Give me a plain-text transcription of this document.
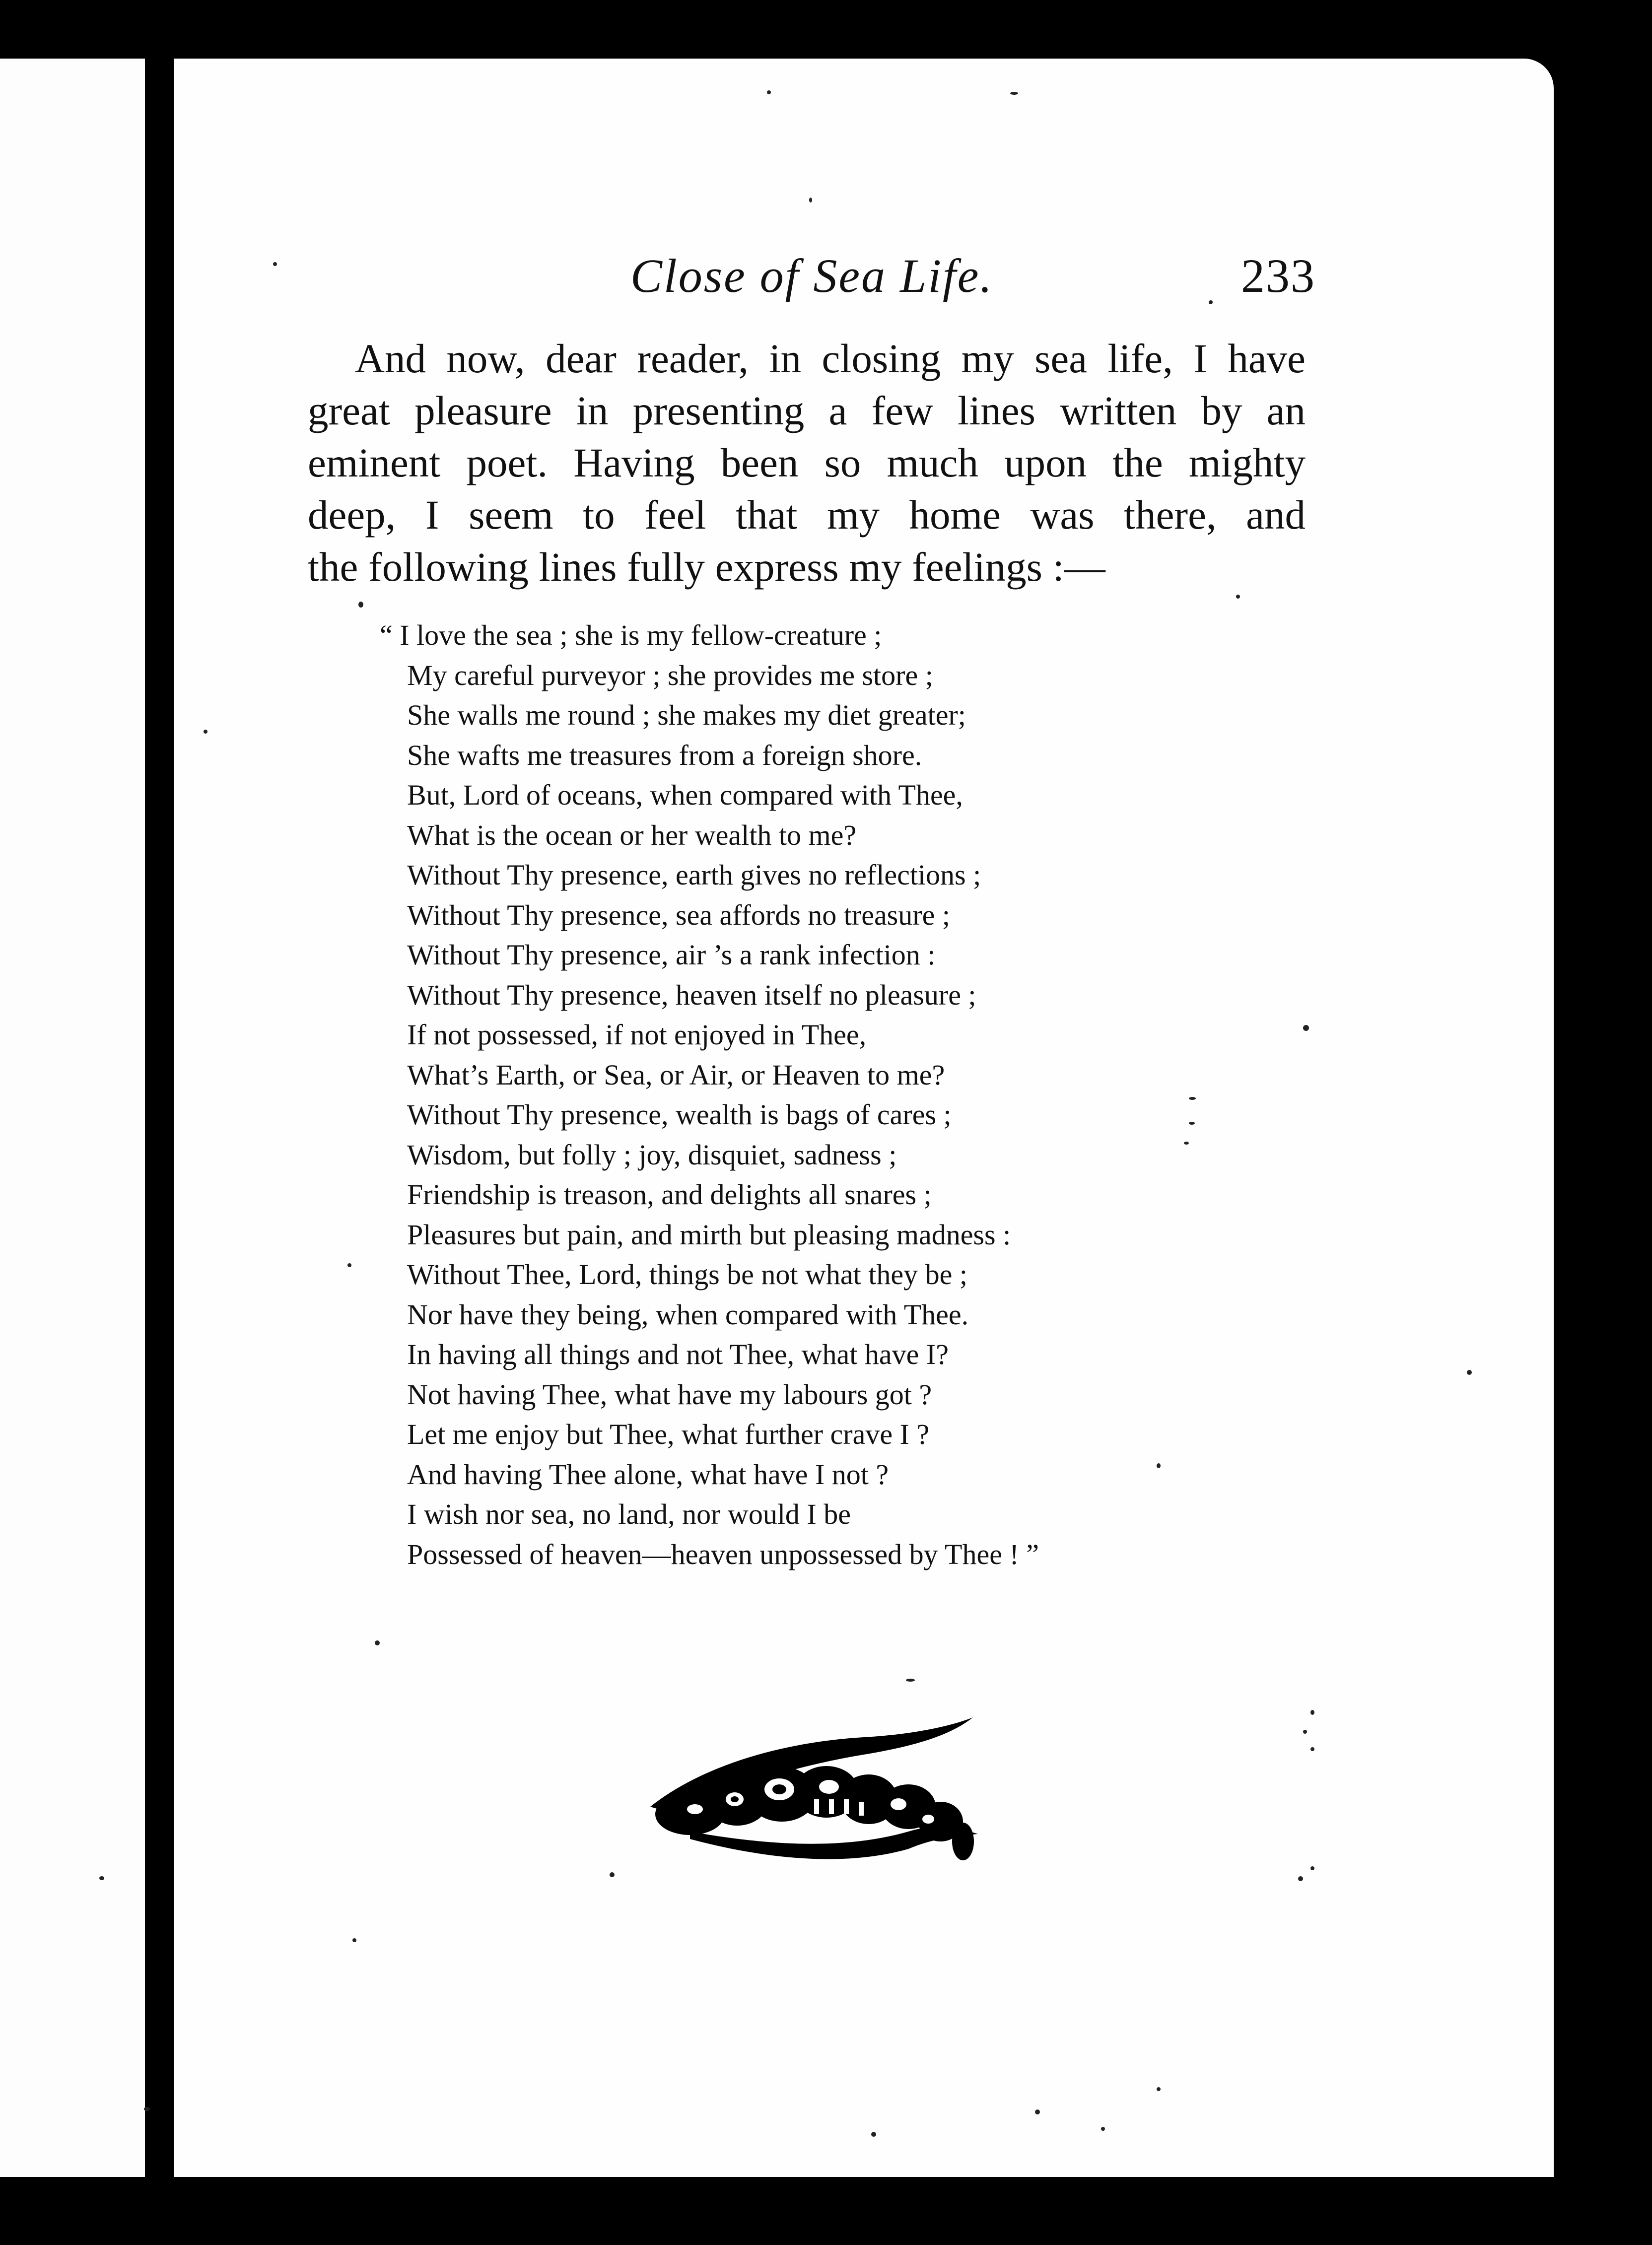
Close of Sea Life.	233
And now, dear reader, in closing my sea life, I have
great pleasure in presenting a few lines written by an
eminent poet. Having been so much upon the mighty
deep, I seem to feel that my home was there, and
the following lines fully express my feelings :—
“ I love the sea ; she is my fellow-creature ;
My careful purveyor ; she provides me store ;
She walls me round ; she makes my diet greater;
She wafts me treasures from a foreign shore.
But, Lord of oceans, when compared with Thee,
What is the ocean or her wealth to me?
Without Thy presence, earth gives no reflections ;
Without Thy presence, sea affords no treasure ;
Without Thy presence, air ’s a rank infection :
Without Thy presence, heaven itself no pleasure ;
If not possessed, if not enjoyed in Thee,
What’s Earth, or Sea, or Air, or Heaven to me?
Without Thy presence, wealth is bags of cares ;
Wisdom, but folly ; joy, disquiet, sadness ;
Friendship is treason, and delights all snares ;
Pleasures but pain, and mirth but pleasing madness :
Without Thee, Lord, things be not what they be ;
Nor have they being, when compared with Thee.
In having all things and not Thee, what have I?
Not having Thee, what have my labours got ?
Let me enjoy but Thee, what further crave I ?
And having Thee alone, what have I not ?
I wish nor sea, no land, nor would I be
Possessed of heaven—heaven unpossessed by Thee ! ”
